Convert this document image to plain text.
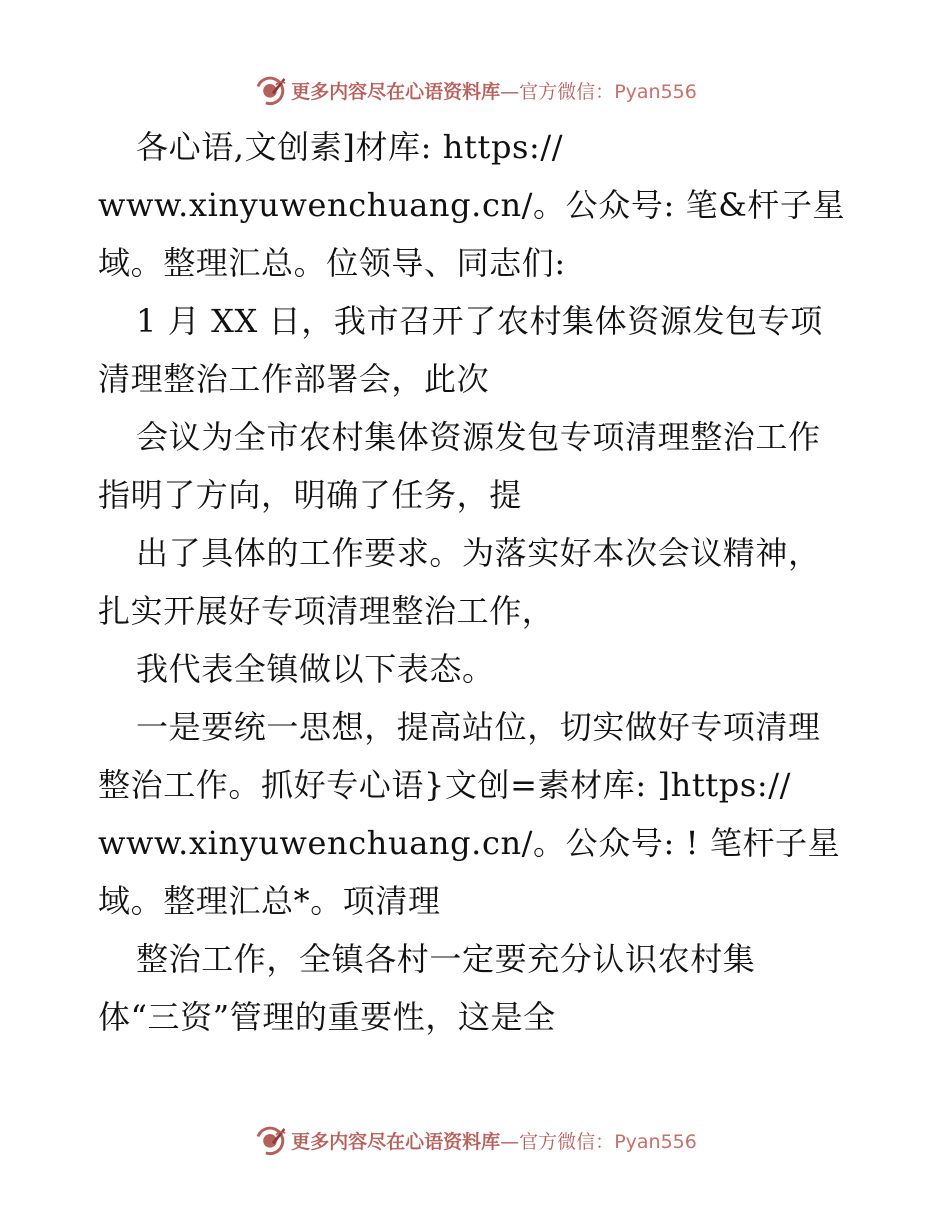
更多内容尽在心语资料库—官方微信：Pyan556
各心语,文创素]材库: https://
www.xinyuwenchuang.cn/。公众号: 笔&杆子星
域。整理汇总。位领导、同志们:
1 月 XX 日，我市召开了农村集体资源发包专项
清理整治工作部署会，此次
会议为全市农村集体资源发包专项清理整治工作
指明了方向，明确了任务，提
出了具体的工作要求。为落实好本次会议精神，
扎实开展好专项清理整治工作，
我代表全镇做以下表态。
一是要统一思想，提高站位，切实做好专项清理
整治工作。抓好专心语}文创=素材库: ]https://
www.xinyuwenchuang.cn/。公众号: ! 笔杆子星
域。整理汇总*。项清理
整治工作，全镇各村一定要充分认识农村集
体“三资”管理的重要性，这是全
更多内容尽在心语资料库—官方微信：Pyan556
